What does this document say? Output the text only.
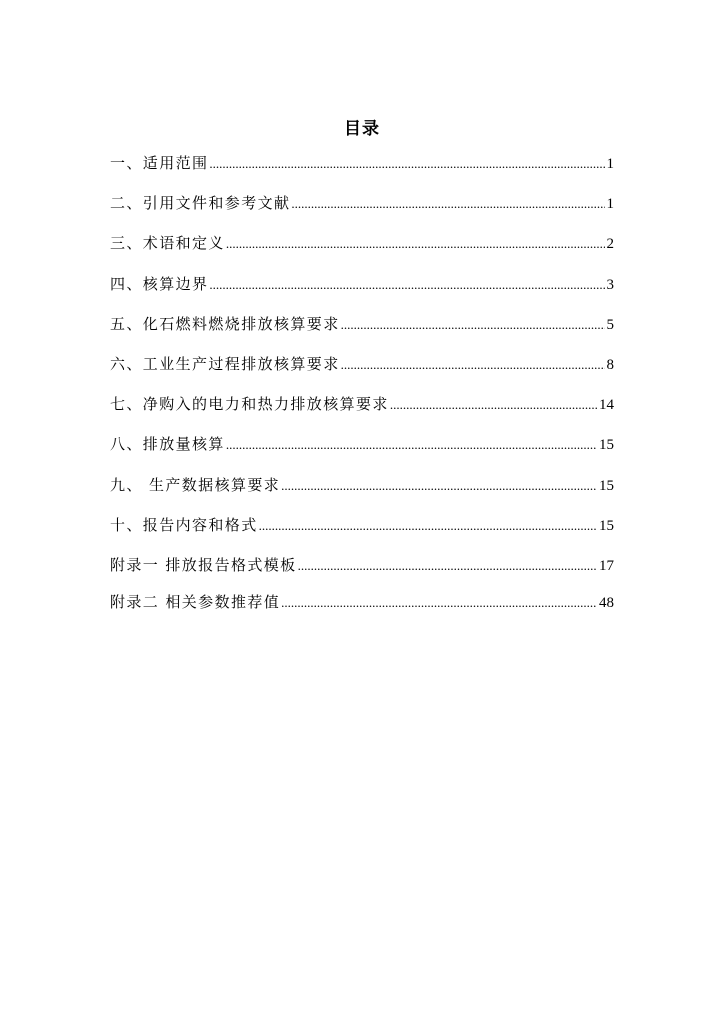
目录
一、适用范围 .....	1
二、引用文件和参考文献 .....	1
三、术语和定义 .....	2
四、核算边界 .....	3
五、化石燃料燃烧排放核算要求 .....	5
六、工业生产过程排放核算要求 .....	8
七、净购入的电力和热力排放核算要求 .....	14
八、排放量核算 .....	15
九、 生产数据核算要求 .....	15
十、报告内容和格式 .....	15
附录一 排放报告格式模板 .....	17
附录二 相关参数推荐值 .....	48
